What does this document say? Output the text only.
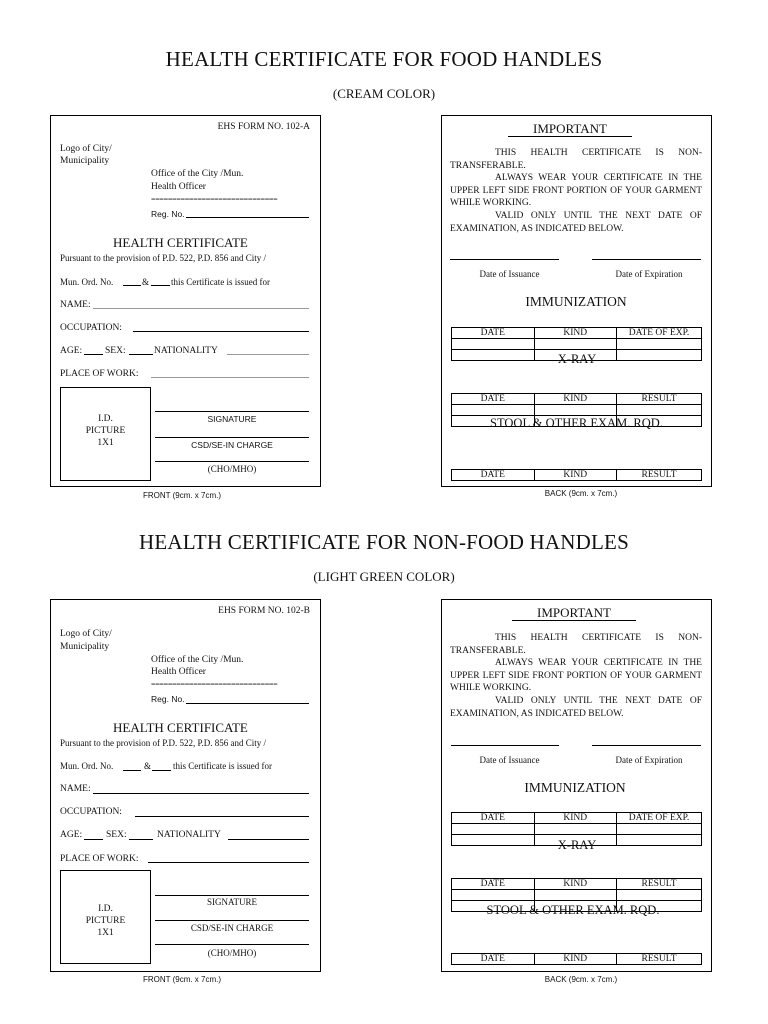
HEALTH CERTIFICATE FOR FOOD HANDLES
(CREAM COLOR)
EHS FORM NO. 102-A
Logo of City/
Municipality
Office of the City /Mun.
Health Officer
==============================
Reg. No.
HEALTH CERTIFICATE
Pursuant to the provision of P.D. 522, P.D. 856 and City /
Mun. Ord. No.	& this Certificate is issued for
NAME:
OCCUPATION:
AGE: SEX:	NATIONALITY
PLACE OF WORK:
I.D.
PICTURE
1X1
SIGNATURE
CSD/SE-IN CHARGE
(CHO/MHO)
FRONT (9cm. x 7cm.)
IMPORTANT

THIS HEALTH CERTIFICATE IS NON-TRANSFERABLE.

ALWAYS WEAR YOUR CERTIFICATE IN THE UPPER LEFT SIDE FRONT PORTION OF YOUR GARMENT WHILE WORKING.

VALID ONLY UNTIL THE NEXT DATE OF EXAMINATION, AS INDICATED BELOW.

Date of Issuance	Date of Expiration
IMMUNIZATION
DATE	KIND	DATE OF EXP.

X-RAY
DATE	KIND	RESULT

STOOL & OTHER EXAM. RQD.
DATE	KIND	RESULT
BACK (9cm. x 7cm.)
HEALTH CERTIFICATE FOR NON-FOOD HANDLES
(LIGHT GREEN COLOR)
EHS FORM NO. 102-B
Logo of City/
Municipality
Office of the City /Mun.
Health Officer
==============================
Reg. No.
HEALTH CERTIFICATE
Pursuant to the provision of P.D. 522, P.D. 856 and City /
Mun. Ord. No.	& this Certificate is issued for
NAME:
OCCUPATION:
AGE:	SEX:	NATIONALITY
PLACE OF WORK:
I.D.
PICTURE
1X1
SIGNATURE
CSD/SE-IN CHARGE
(CHO/MHO)
FRONT (9cm. x 7cm.)
IMPORTANT

THIS HEALTH CERTIFICATE IS NON-TRANSFERABLE.

ALWAYS WEAR YOUR CERTIFICATE IN THE UPPER LEFT SIDE FRONT PORTION OF YOUR GARMENT WHILE WORKING.

VALID ONLY UNTIL THE NEXT DATE OF EXAMINATION, AS INDICATED BELOW.

Date of Issuance	Date of Expiration
IMMUNIZATION
DATE	KIND	DATE OF EXP.

X-RAY
DATE	KIND	RESULT

STOOL & OTHER EXAM. RQD.
DATE	KIND	RESULT
BACK (9cm. x 7cm.)
